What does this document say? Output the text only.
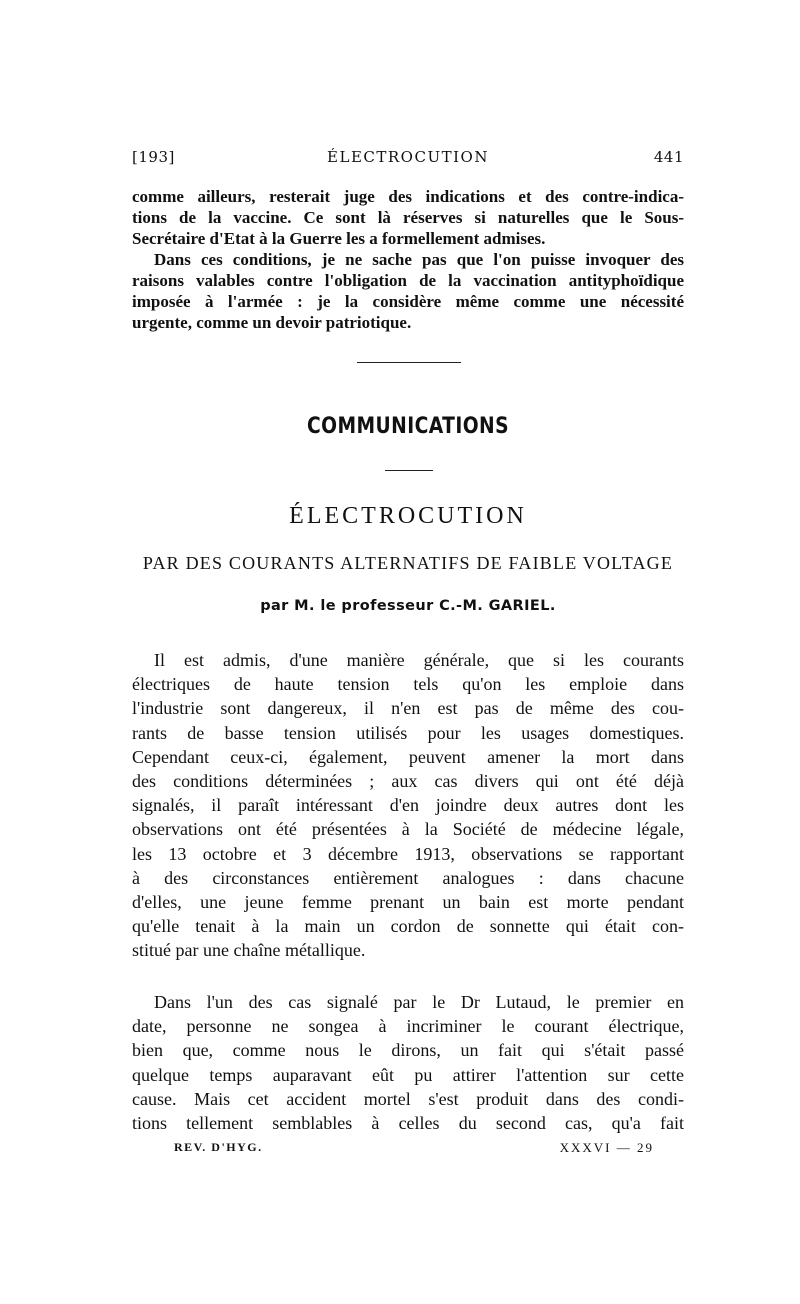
[193]	ÉLECTROCUTION	441
comme ailleurs, resterait juge des indications et des contre-indica-
tions de la vaccine. Ce sont là réserves si naturelles que le Sous-
Secrétaire d'Etat à la Guerre les a formellement admises.
Dans ces conditions, je ne sache pas que l'on puisse invoquer des
raisons valables contre l'obligation de la vaccination antityphoïdique
imposée à l'armée : je la considère même comme une nécessité
urgente, comme un devoir patriotique.
COMMUNICATIONS
ÉLECTROCUTION
PAR DES COURANTS ALTERNATIFS DE FAIBLE VOLTAGE
par M. le professeur C.-M. GARIEL.
Il est admis, d'une manière générale, que si les courants
électriques de haute tension tels qu'on les emploie dans
l'industrie sont dangereux, il n'en est pas de même des cou-
rants de basse tension utilisés pour les usages domestiques.
Cependant ceux-ci, également, peuvent amener la mort dans
des conditions déterminées ; aux cas divers qui ont été déjà
signalés, il paraît intéressant d'en joindre deux autres dont les
observations ont été présentées à la Société de médecine légale,
les 13 octobre et 3 décembre 1913, observations se rapportant
à des circonstances entièrement analogues : dans chacune
d'elles, une jeune femme prenant un bain est morte pendant
qu'elle tenait à la main un cordon de sonnette qui était con-
stitué par une chaîne métallique.
Dans l'un des cas signalé par le Dr Lutaud, le premier en
date, personne ne songea à incriminer le courant électrique,
bien que, comme nous le dirons, un fait qui s'était passé
quelque temps auparavant eût pu attirer l'attention sur cette
cause. Mais cet accident mortel s'est produit dans des condi-
tions tellement semblables à celles du second cas, qu'a fait
REV. D'HYG.	XXXVI — 29
